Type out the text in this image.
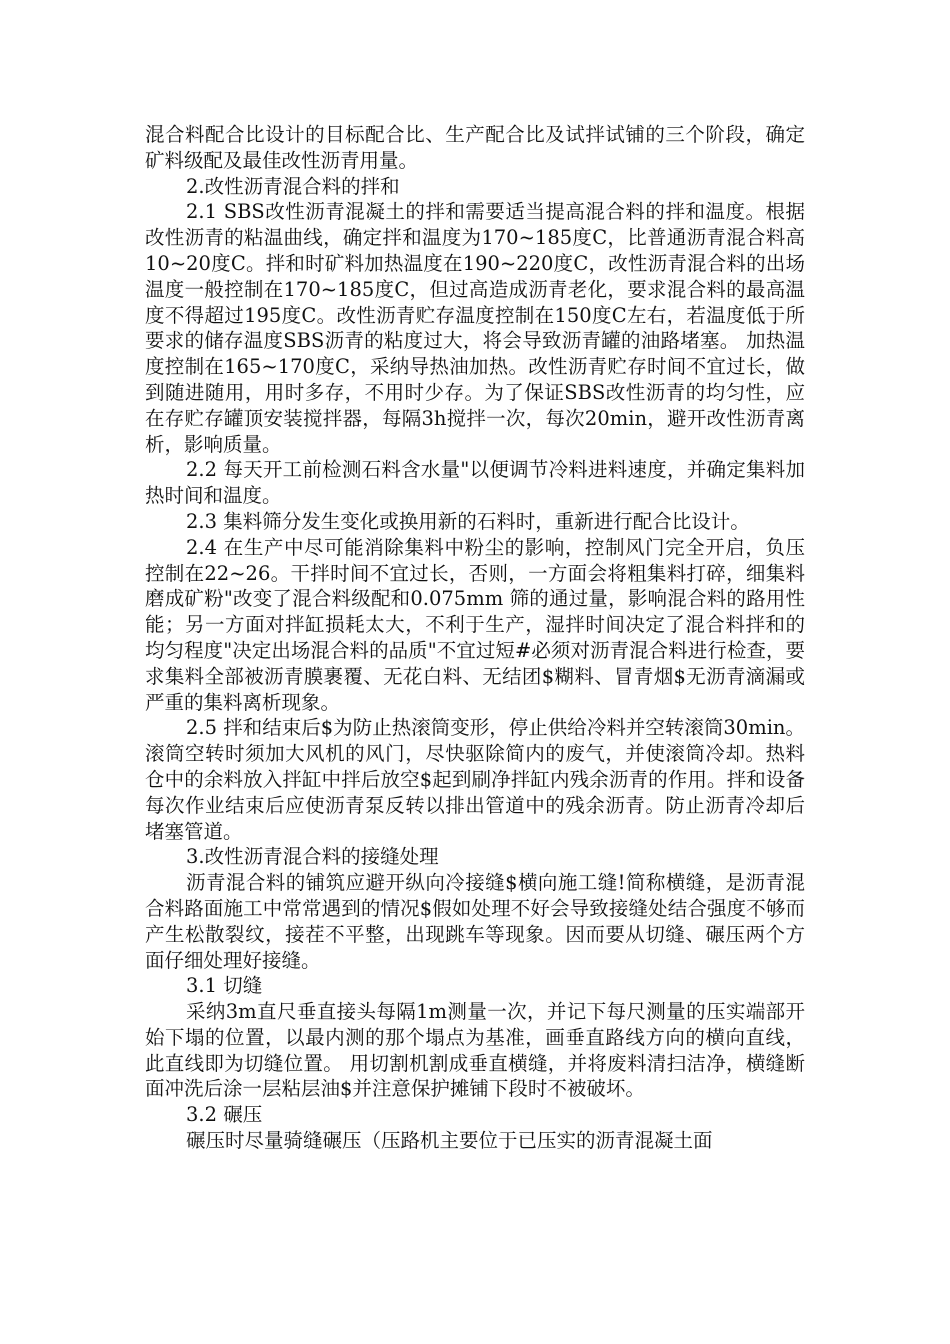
混合料配合比设计的目标配合比、生产配合比及试拌试铺的三个阶段，确定矿料级配及最佳改性沥青用量。

2.改性沥青混合料的拌和

2.1 SBS改性沥青混凝土的拌和需要适当提高混合料的拌和温度。根据改性沥青的粘温曲线，确定拌和温度为170~185度C，比普通沥青混合料高10~20度C。拌和时矿料加热温度在190~220度C，改性沥青混合料的出场温度一般控制在170~185度C，但过高造成沥青老化，要求混合料的最高温度不得超过195度C。改性沥青贮存温度控制在150度C左右，若温度低于所要求的储存温度SBS沥青的粘度过大，将会导致沥青罐的油路堵塞。 加热温度控制在165~170度C，采纳导热油加热。改性沥青贮存时间不宜过长，做到随进随用，用时多存，不用时少存。为了保证SBS改性沥青的均匀性，应在存贮存罐顶安装搅拌器，每隔3h搅拌一次，每次20min，避开改性沥青离析，影响质量。

2.2 每天开工前检测石料含水量"以便调节冷料进料速度，并确定集料加热时间和温度。

2.3 集料筛分发生变化或换用新的石料时，重新进行配合比设计。

2.4 在生产中尽可能消除集料中粉尘的影响，控制风门完全开启，负压控制在22~26。干拌时间不宜过长，否则，一方面会将粗集料打碎，细集料磨成矿粉"改变了混合料级配和0.075mm 筛的通过量，影响混合料的路用性能；另一方面对拌缸损耗太大，不利于生产，湿拌时间决定了混合料拌和的均匀程度"决定出场混合料的品质"不宜过短#必须对沥青混合料进行检查，要求集料全部被沥青膜裹覆、无花白料、无结团$糊料、冒青烟$无沥青滴漏或严重的集料离析现象。

2.5 拌和结束后$为防止热滚筒变形，停止供给冷料并空转滚筒30min。滚筒空转时须加大风机的风门，尽快驱除简内的废气，并使滚筒冷却。热料仓中的余料放入拌缸中拌后放空$起到刷净拌缸内残余沥青的作用。拌和设备每次作业结束后应使沥青泵反转以排出管道中的残余沥青。防止沥青冷却后堵塞管道。

3.改性沥青混合料的接缝处理

沥青混合料的铺筑应避开纵向冷接缝$横向施工缝!简称横缝，是沥青混合料路面施工中常常遇到的情况$假如处理不好会导致接缝处结合强度不够而产生松散裂纹，接茬不平整，出现跳车等现象。因而要从切缝、碾压两个方面仔细处理好接缝。

3.1 切缝

采纳3m直尺垂直接头每隔1m测量一次，并记下每尺测量的压实端部开始下塌的位置，以最内测的那个塌点为基准，画垂直路线方向的横向直线，此直线即为切缝位置。 用切割机割成垂直横缝，并将废料清扫洁净，横缝断面冲洗后涂一层粘层油$并注意保护摊铺下段时不被破坏。

3.2 碾压

碾压时尽量骑缝碾压（压路机主要位于已压实的沥青混凝土面
